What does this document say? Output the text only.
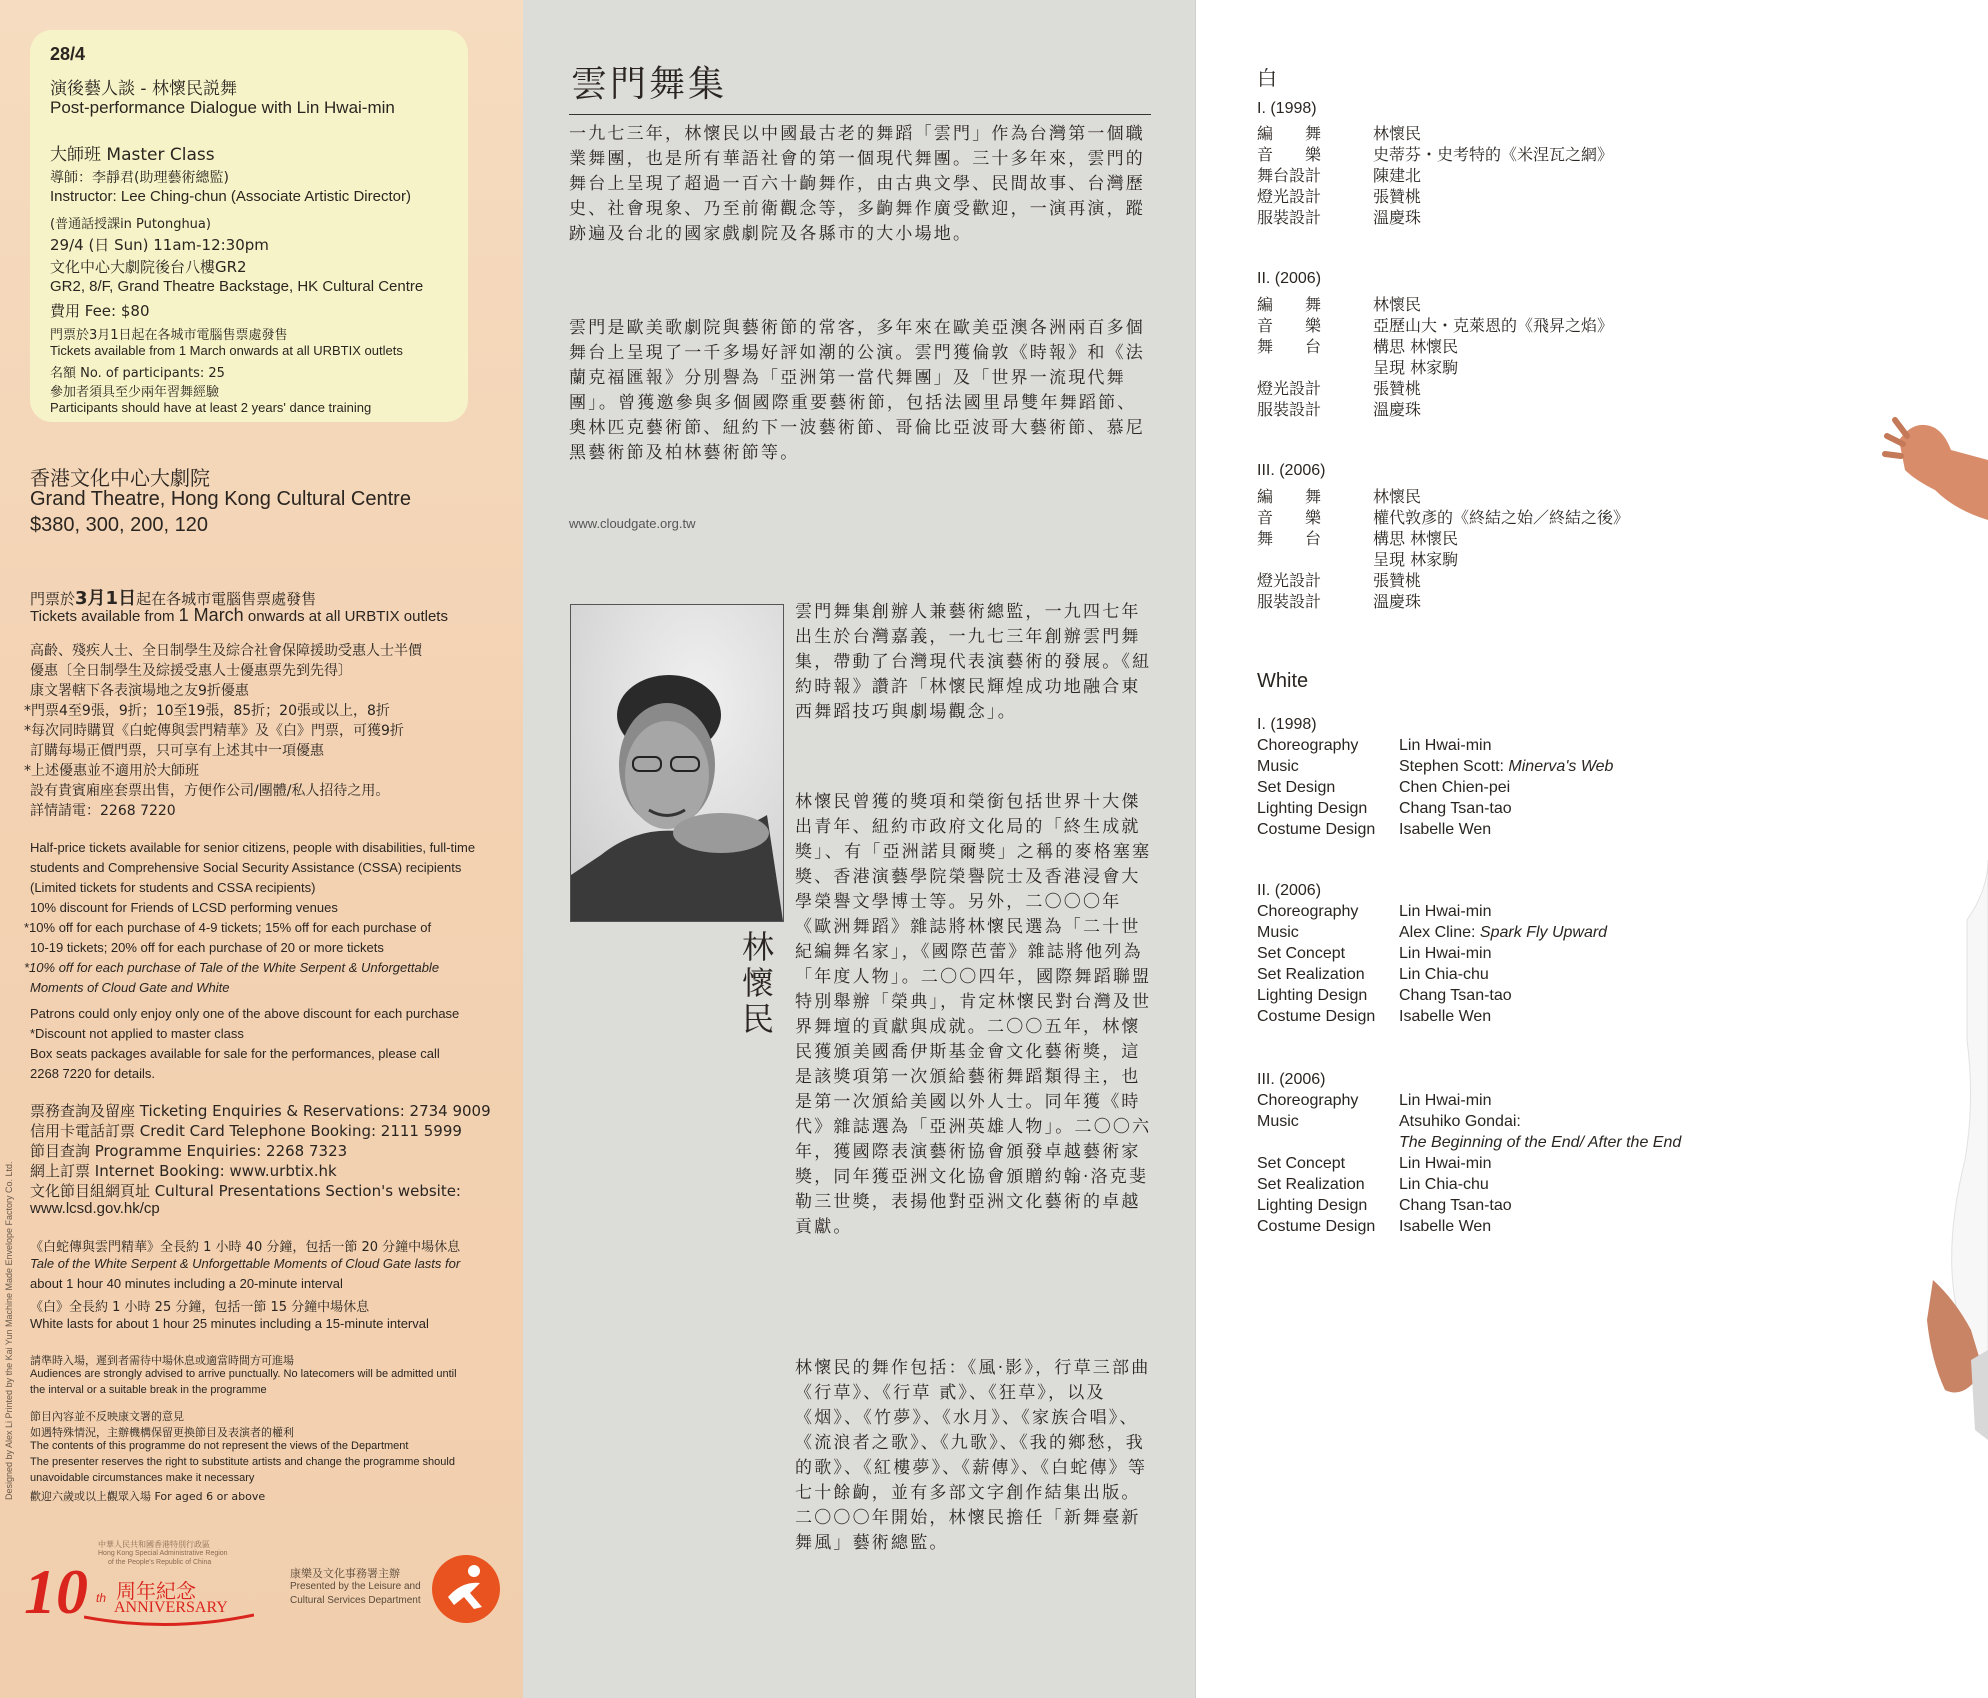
28/4
演後藝人談 - 林懷民説舞
Post-performance Dialogue with Lin Hwai-min
大師班 Master Class
導師：李靜君(助理藝術總監)
Instructor: Lee Ching-chun (Associate Artistic Director)
(普通話授課in Putonghua)
29/4 (日 Sun) 11am-12:30pm
文化中心大劇院後台八樓GR2
GR2, 8/F, Grand Theatre Backstage, HK Cultural Centre
費用 Fee: $80
門票於3月1日起在各城市電腦售票處發售
Tickets available from 1 March onwards at all URBTIX outlets
名額 No. of participants: 25
參加者須具至少兩年習舞經驗
Participants should have at least 2 years' dance training
香港文化中心大劇院
Grand Theatre, Hong Kong Cultural Centre
$380, 300, 200, 120
門票於3月1日起在各城市電腦售票處發售
Tickets available from 1 March onwards at all URBTIX outlets
高齡、殘疾人士、全日制學生及綜合社會保障援助受惠人士半價
優惠〔全日制學生及綜援受惠人士優惠票先到先得〕
康文署轄下各表演場地之友9折優惠
*門票4至9張，9折；10至19張，85折；20張或以上，8折
*每次同時購買《白蛇傳與雲門精華》及《白》門票，可獲9折
訂購每場正價門票，只可享有上述其中一項優惠
*上述優惠並不適用於大師班
設有貴賓廂座套票出售，方便作公司/團體/私人招待之用。
詳情請電：2268 7220
Half-price tickets available for senior citizens, people with disabilities, full-time
students and Comprehensive Social Security Assistance (CSSA) recipients
(Limited tickets for students and CSSA recipients)
10% discount for Friends of LCSD performing venues
*10% off for each purchase of 4-9 tickets; 15% off for each purchase of
10-19 tickets; 20% off for each purchase of 20 or more tickets
*10% off for each purchase of Tale of the White Serpent & Unforgettable
Moments of Cloud Gate and White
Patrons could only enjoy only one of the above discount for each purchase
*Discount not applied to master class
Box seats packages available for sale for the performances, please call
2268 7220 for details.
票務查詢及留座 Ticketing Enquiries & Reservations: 2734 9009
信用卡電話訂票 Credit Card Telephone Booking: 2111 5999
節目查詢 Programme Enquiries: 2268 7323
網上訂票 Internet Booking: www.urbtix.hk
文化節目組網頁址 Cultural Presentations Section's website:
www.lcsd.gov.hk/cp
《白蛇傳與雲門精華》全長約 1 小時 40 分鐘，包括一節 20 分鐘中場休息
Tale of the White Serpent & Unforgettable Moments of Cloud Gate lasts for
about 1 hour 40 minutes including a 20-minute interval
《白》全長約 1 小時 25 分鐘，包括一節 15 分鐘中場休息
White lasts for about 1 hour 25 minutes including a 15-minute interval
請準時入場，遲到者需待中場休息或適當時間方可進場
Audiences are strongly advised to arrive punctually. No latecomers will be admitted until
the interval or a suitable break in the programme
節目內容並不反映康文署的意見
如遇特殊情況，主辦機構保留更換節目及表演者的權利
The contents of this programme do not represent the views of the Department
The presenter reserves the right to substitute artists and change the programme should
unavoidable circumstances make it necessary
歡迎六歲或以上觀眾入場 For aged 6 or above
Designed by Alex Li Printed by the Kai Yun Machine Made Envelope Factory Co. Ltd.
中華人民共和國香港特別行政區
Hong Kong Special Administrative Region
of the People's Republic of China
10 th 周年紀念
ANNIVERSARY
康樂及文化事務署主辦
Presented by the Leisure and
Cultural Services Department
雲門舞集
一九七三年，林懷民以中國最古老的舞蹈「雲門」作為台灣第一個職業舞團，也是所有華語社會的第一個現代舞團。三十多年來，雲門的舞台上呈現了超過一百六十齣舞作，由古典文學、民間故事、台灣歷史、社會現象、乃至前衛觀念等，多齣舞作廣受歡迎，一演再演，蹤跡遍及台北的國家戲劇院及各縣市的大小場地。
雲門是歐美歌劇院與藝術節的常客，多年來在歐美亞澳各洲兩百多個舞台上呈現了一千多場好評如潮的公演。雲門獲倫敦《時報》和《法蘭克福匯報》分別譽為「亞洲第一當代舞團」及「世界一流現代舞團」。曾獲邀參與多個國際重要藝術節，包括法國里昂雙年舞蹈節、奧林匹克藝術節、紐約下一波藝術節、哥倫比亞波哥大藝術節、慕尼黑藝術節及柏林藝術節等。
www.cloudgate.org.tw
雲門舞集創辦人兼藝術總監，一九四七年出生於台灣嘉義，一九七三年創辦雲門舞集，帶動了台灣現代表演藝術的發展。《紐約時報》讚許「林懷民輝煌成功地融合東西舞蹈技巧與劇場觀念」。
林懷民曾獲的獎項和榮銜包括世界十大傑出青年、紐約市政府文化局的「終生成就獎」、有「亞洲諾貝爾獎」之稱的麥格塞塞獎、香港演藝學院榮譽院士及香港浸會大學榮譽文學博士等。另外，二〇〇〇年《歐洲舞蹈》雜誌將林懷民選為「二十世紀編舞名家」，《國際芭蕾》雜誌將他列為「年度人物」。二〇〇四年，國際舞蹈聯盟特別舉辦「榮典」，肯定林懷民對台灣及世界舞壇的貢獻與成就。二〇〇五年，林懷民獲頒美國喬伊斯基金會文化藝術獎，這是該獎項第一次頒給藝術舞蹈類得主，也是第一次頒給美國以外人士。同年獲《時代》雜誌選為「亞洲英雄人物」。二〇〇六年，獲國際表演藝術協會頒發卓越藝術家獎，同年獲亞洲文化協會頒贈約翰·洛克斐勒三世獎，表揚他對亞洲文化藝術的卓越貢獻。
林懷民的舞作包括：《風·影》，行草三部曲《行草》、《行草 貳》、《狂草》，以及《烟》、《竹夢》、《水月》、《家族合唱》、《流浪者之歌》、《九歌》、《我的鄉愁，我的歌》、《紅樓夢》、《薪傳》、《白蛇傳》等七十餘齣，並有多部文字創作結集出版。二〇〇〇年開始，林懷民擔任「新舞臺新舞風」藝術總監。
林懷民
白
I. (1998)
編　　舞	林懷民
音　　樂	史蒂芬・史考特的《米涅瓦之網》
舞台設計	陳建北
燈光設計	張贊桃
服裝設計	溫慶珠
II. (2006)
編　　舞	林懷民
音　　樂	亞歷山大・克萊恩的《飛昇之焰》
舞　　台	構思 林懷民
呈現 林家駒
燈光設計	張贊桃
服裝設計	溫慶珠
III. (2006)
編　　舞	林懷民
音　　樂	權代敦彥的《終結之始／終結之後》
舞　　台	構思 林懷民
呈現 林家駒
燈光設計	張贊桃
服裝設計	溫慶珠
White
I. (1998)
Choreography	Lin Hwai-min
Music	Stephen Scott: Minerva's Web
Set Design	Chen Chien-pei
Lighting Design Chang Tsan-tao
Costume Design Isabelle Wen
II. (2006)
Choreography	Lin Hwai-min
Music	Alex Cline: Spark Fly Upward
Set Concept	Lin Hwai-min
Set Realization Lin Chia-chu
Lighting Design Chang Tsan-tao
Costume Design Isabelle Wen
III. (2006)
Choreography	Lin Hwai-min
Music	Atsuhiko Gondai:
The Beginning of the End/ After the End
Set Concept	Lin Hwai-min
Set Realization Lin Chia-chu
Lighting Design Chang Tsan-tao
Costume Design Isabelle Wen
